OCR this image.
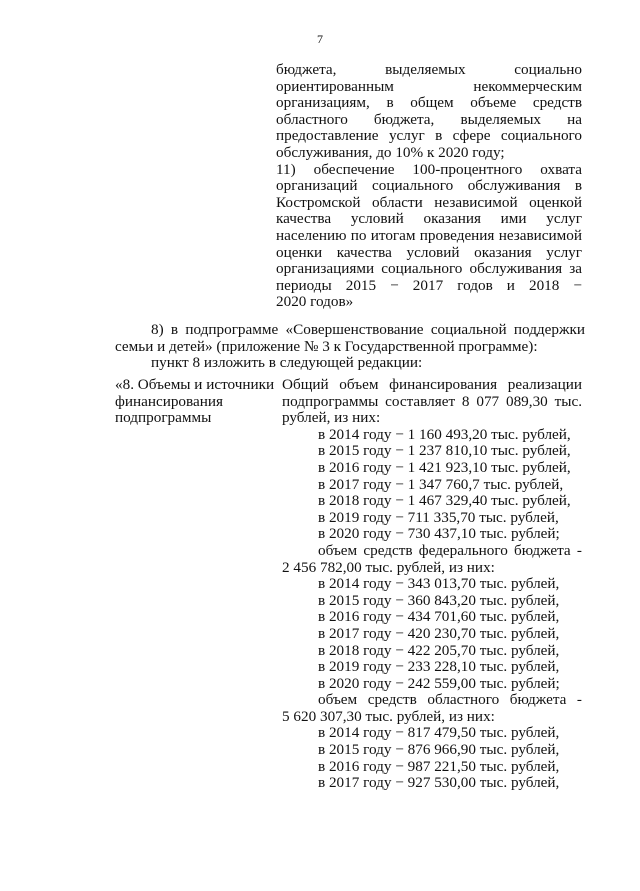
7
бюджета, выделяемых социально
ориентированным некоммерческим
организациям, в общем объеме средств
областного бюджета, выделяемых на
предоставление услуг в сфере социального
обслуживания, до 10% к 2020 году;
11) обеспечение 100-процентного охвата
организаций социального обслуживания в
Костромской области независимой оценкой
качества условий оказания ими услуг
населению по итогам проведения независимой
оценки качества условий оказания услуг
организациями социального обслуживания за
периоды 2015 − 2017 годов и 2018 −
2020 годов»
8) в подпрограмме «Совершенствование социальной поддержки
семьи и детей» (приложение № 3 к Государственной программе):
пункт 8 изложить в следующей редакции:
«8. Объемы и источники
финансирования
подпрограммы
Общий объем финансирования реализации
подпрограммы составляет 8 077 089,30 тыс.
рублей, из них:
в 2014 году − 1 160 493,20 тыс. рублей,
в 2015 году − 1 237 810,10 тыс. рублей,
в 2016 году − 1 421 923,10 тыс. рублей,
в 2017 году − 1 347 760,7 тыс. рублей,
в 2018 году − 1 467 329,40 тыс. рублей,
в 2019 году − 711 335,70 тыс. рублей,
в 2020 году − 730 437,10 тыс. рублей;
объем средств федерального бюджета -
2 456 782,00 тыс. рублей, из них:
в 2014 году − 343 013,70 тыс. рублей,
в 2015 году − 360 843,20 тыс. рублей,
в 2016 году − 434 701,60 тыс. рублей,
в 2017 году − 420 230,70 тыс. рублей,
в 2018 году − 422 205,70 тыс. рублей,
в 2019 году − 233 228,10 тыс. рублей,
в 2020 году − 242 559,00 тыс. рублей;
объем средств областного бюджета -
5 620 307,30 тыс. рублей, из них:
в 2014 году − 817 479,50 тыс. рублей,
в 2015 году − 876 966,90 тыс. рублей,
в 2016 году − 987 221,50 тыс. рублей,
в 2017 году − 927 530,00 тыс. рублей,
